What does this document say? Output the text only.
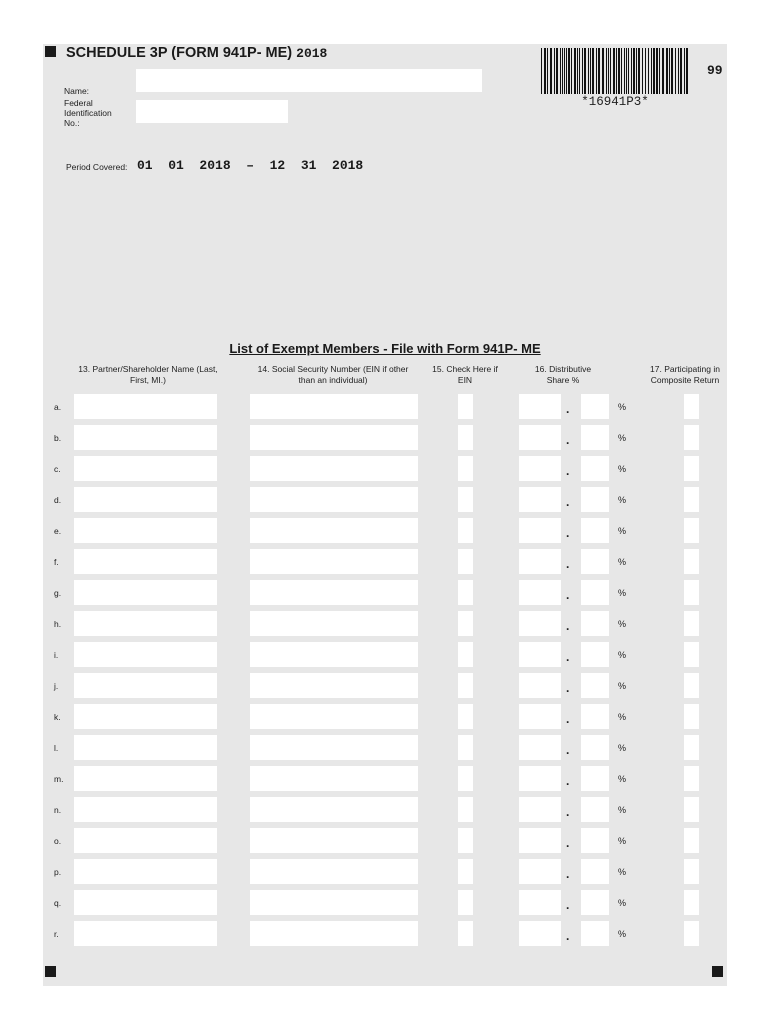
SCHEDULE 3P (FORM 941P- ME) 2018
Name:
Federal Identification No.:
Period Covered: 01  01  2018  –  12  31  2018
*16941P3*
99
List of Exempt Members - File with Form 941P- ME
13. Partner/Shareholder Name (Last, First, MI.)
14. Social Security Number (EIN if other than an individual)
15. Check Here if EIN
16. Distributive Share %
17. Participating in Composite Return
a.	.	%
b.	.	%
c.	.	%
d.	.	%
e.	.	%
f.	.	%
g.	.	%
h.	.	%
i.	.	%
j.	.	%
k.	.	%
l.	.	%
m.	.	%
n.	.	%
o.	.	%
p.	.	%
q.	.	%
r.	.	%
